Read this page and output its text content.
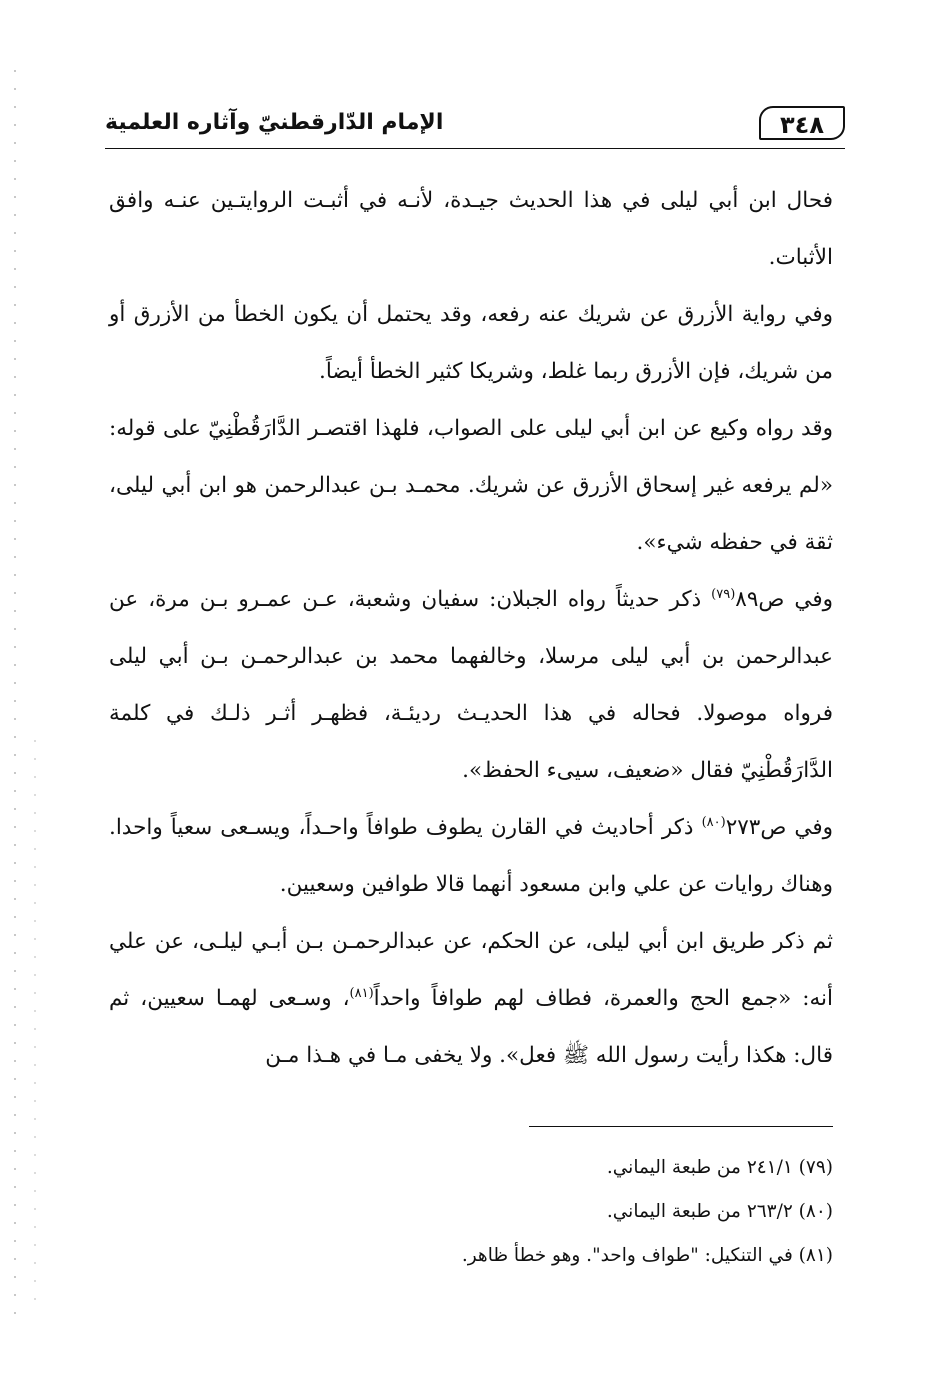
٣٤٨
الإمام الدّارقطنيّ وآثاره العلمية

فحال ابن أبي ليلى في هذا الحديث جيـدة، لأنـه في أثبـت الروايتـين عنـه وافق الأثبات.

وفي رواية الأزرق عن شريك عنه رفعه، وقد يحتمل أن يكون الخطأ من الأزرق أو من شريك، فإن الأزرق ربما غلط، وشريكا كثير الخطأ أيضاً.

وقد رواه وكيع عن ابن أبي ليلى على الصواب، فلهذا اقتصـر الدَّارَقُطْنِيّ على قوله: «لم يرفعه غير إسحاق الأزرق عن شريك. محمـد بـن عبدالرحمن هو ابن أبي ليلى، ثقة في حفظه شيء».

وفي ص٨٩$^{(٧٩)}$ ذكر حديثاً رواه الجبلان: سفيان وشعبة، عـن عمـرو بـن مرة، عن عبدالرحمن بن أبي ليلى مرسلا، وخالفهما محمد بن عبدالرحمـن بـن أبي ليلى فرواه موصولا. فحاله في هذا الحديـث رديئـة، فظهـر أثـر ذلـك في كلمة الدَّارَقُطْنِيّ فقال «ضعيف، سيىء الحفظ».

وفي ص٢٧٣$^{(٨٠)}$ ذكر أحاديث في القارن يطوف طوافاً واحـداً، ويسـعى سعياً واحدا. وهناك روايات عن علي وابن مسعود أنهما قالا طوافين وسعيين.

ثم ذكر طريق ابن أبي ليلى، عن الحكم، عن عبدالرحمـن بـن أبـي ليلـى، عن علي أنه: «جمع الحج والعمرة، فطاف لهم طوافاً واحداً$^{(٨١)}$، وسـعى لهمـا سعيين، ثم قال: هكذا رأيت رسول الله ﷺ فعل». ولا يخفى مـا في هـذا مـن

(٧٩) ٢٤١/١ من طبعة اليماني.

(٨٠) ٢٦٣/٢ من طبعة اليماني.

(٨١) في التنكيل: "طواف واحد". وهو خطأ ظاهر.
